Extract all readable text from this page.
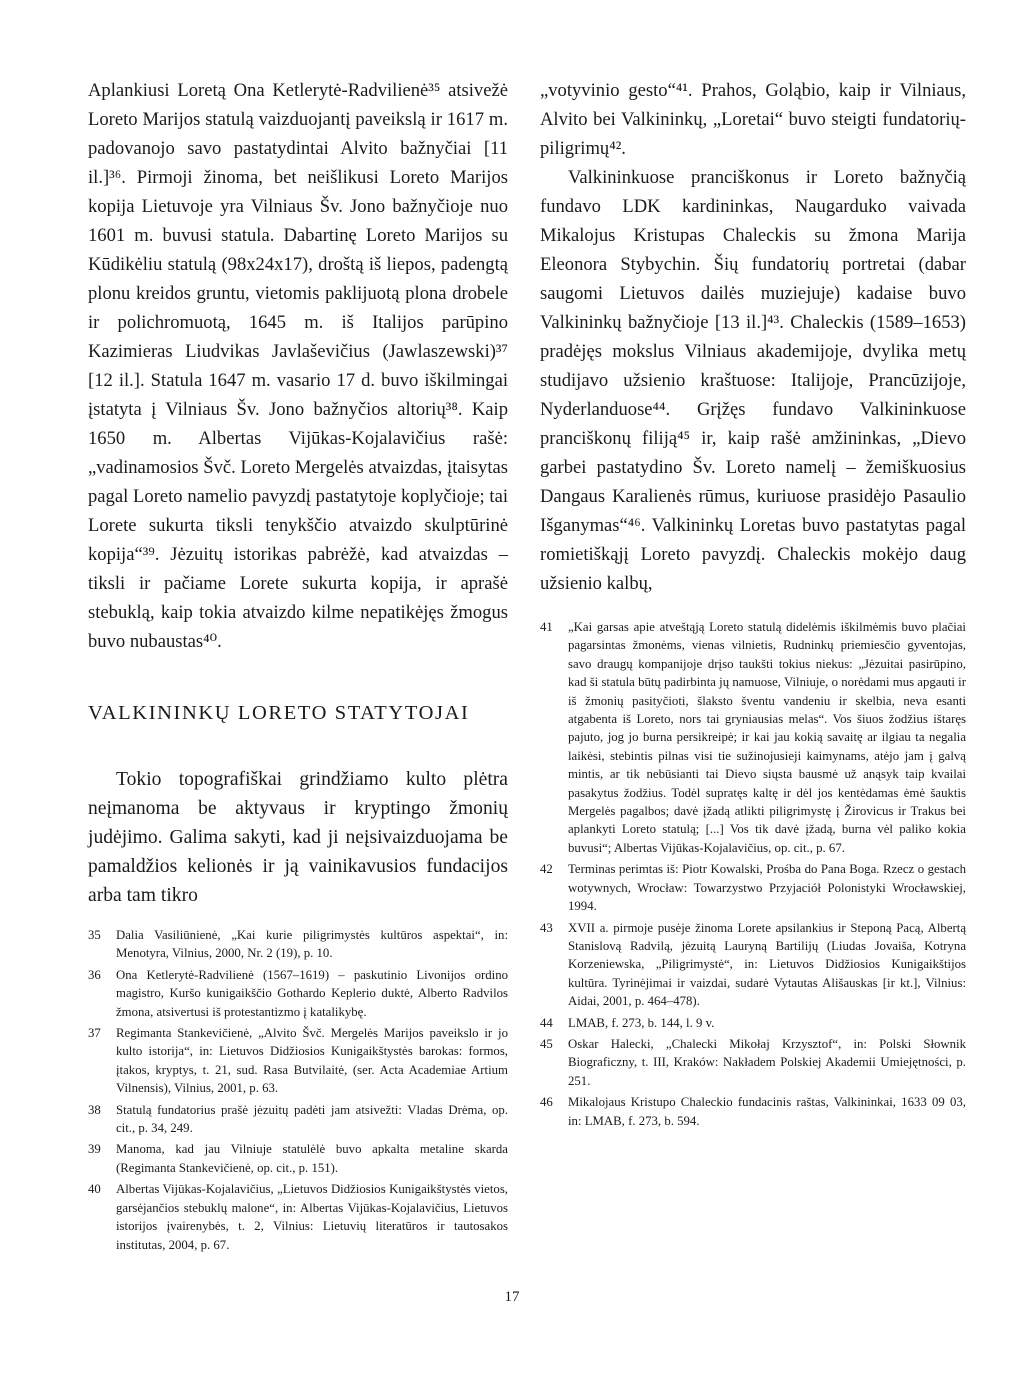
Aplankiusi Loretą Ona Ketlerytė-Radvilienė³⁵ atsivežė Loreto Marijos statulą vaizduojantį paveikslą ir 1617 m. padovanojo savo pastatydintai Alvito bažnyčiai [11 il.]³⁶. Pirmoji žinoma, bet neišlikusi Loreto Marijos kopija Lietuvoje yra Vilniaus Šv. Jono bažnyčioje nuo 1601 m. buvusi statula. Dabartinę Loreto Marijos su Kūdikėliu statulą (98x24x17), droštą iš liepos, padengtą plonu kreidos gruntu, vietomis paklijuotą plona drobele ir polichromuotą, 1645 m. iš Italijos parūpino Kazimieras Liudvikas Javlaševičius (Jawlaszewski)³⁷ [12 il.]. Statula 1647 m. vasario 17 d. buvo iškilmingai įstatyta į Vilniaus Šv. Jono bažnyčios altorių³⁸. Kaip 1650 m. Albertas Vijūkas-Kojalavičius rašė: „vadinamosios Švč. Loreto Mergelės atvaizdas, įtaisytas pagal Loreto namelio pavyzdį pastatytoje koplyčioje; tai Lorete sukurta tiksli tenykščio atvaizdo skulptūrinė kopija“³⁹. Jėzuitų istorikas pabrėžė, kad atvaizdas – tiksli ir pačiame Lorete sukurta kopija, ir aprašė stebuklą, kaip tokia atvaizdo kilme nepatikėjęs žmogus buvo nubaustas⁴⁰.

VALKININKŲ LORETO STATYTOJAI

Tokio topografiškai grindžiamo kulto plėtra neįmanoma be aktyvaus ir kryptingo žmonių judėjimo. Galima sakyti, kad ji neįsivaizduojama be pamaldžios kelionės ir ją vainikavusios fundacijos arba tam tikro

35	Dalia Vasiliūnienė, „Kai kurie piligrimystės kultūros aspektai“, in: Menotyra, Vilnius, 2000, Nr. 2 (19), p. 10.
36	Ona Ketlerytė-Radvilienė (1567–1619) – paskutinio Livonijos ordino magistro, Kuršo kunigaikščio Gothardo Keplerio duktė, Alberto Radvilos žmona, atsivertusi iš protestantizmo į katalikybę.
37	Regimanta Stankevičienė, „Alvito Švč. Mergelės Marijos paveikslo ir jo kulto istorija“, in: Lietuvos Didžiosios Kunigaikštystės barokas: formos, įtakos, kryptys, t. 21, sud. Rasa Butvilaitė, (ser. Acta Academiae Artium Vilnensis), Vilnius, 2001, p. 63.
38	Statulą fundatorius prašė jėzuitų padėti jam atsivežti: Vladas Drėma, op. cit., p. 34, 249.
39	Manoma, kad jau Vilniuje statulėlė buvo apkalta metaline skarda (Regimanta Stankevičienė, op. cit., p. 151).
40	Albertas Vijūkas-Kojalavičius, „Lietuvos Didžiosios Kunigaikštystės vietos, garsėjančios stebuklų malone“, in: Albertas Vijūkas-Kojalavičius, Lietuvos istorijos įvairenybės, t. 2, Vilnius: Lietuvių literatūros ir tautosakos institutas, 2004, p. 67.

„votyvinio gesto“⁴¹. Prahos, Goląbio, kaip ir Vilniaus, Alvito bei Valkininkų, „Loretai“ buvo steigti fundatorių-piligrimų⁴².

Valkininkuose pranciškonus ir Loreto bažnyčią fundavo LDK kardininkas, Naugarduko vaivada Mikalojus Kristupas Chaleckis su žmona Marija Eleonora Stybychin. Šių fundatorių portretai (dabar saugomi Lietuvos dailės muziejuje) kadaise buvo Valkininkų bažnyčioje [13 il.]⁴³. Chaleckis (1589–1653) pradėjęs mokslus Vilniaus akademijoje, dvylika metų studijavo užsienio kraštuose: Italijoje, Prancūzijoje, Nyderlanduose⁴⁴. Grįžęs fundavo Valkininkuose pranciškonų filiją⁴⁵ ir, kaip rašė amžininkas, „Dievo garbei pastatydino Šv. Loreto namelį – žemiškuosius Dangaus Karalienės rūmus, kuriuose prasidėjo Pasaulio Išganymas“⁴⁶. Valkininkų Loretas buvo pastatytas pagal romietiškąjį Loreto pavyzdį. Chaleckis mokėjo daug užsienio kalbų,

41	„Kai garsas apie atveštąją Loreto statulą didelėmis iškilmėmis buvo plačiai pagarsintas žmonėms, vienas vilnietis, Rudninkų priemiesčio gyventojas, savo draugų kompanijoje drįso taukšti tokius niekus: „Jėzuitai pasirūpino, kad ši statula būtų padirbinta jų namuose, Vilniuje, o norėdami mus apgauti ir iš žmonių pasityčioti, šlaksto šventu vandeniu ir skelbia, neva esanti atgabenta iš Loreto, nors tai gryniausias melas“. Vos šiuos žodžius ištaręs pajuto, jog jo burna persikreipė; ir kai jau kokią savaitę ar ilgiau ta negalia laikėsi, stebintis pilnas visi tie sužinojusieji kaimynams, atėjo jam į galvą mintis, ar tik nebūsianti tai Dievo siųsta bausmė už anąsyk taip kvailai pasakytus žodžius. Todėl supratęs kaltę ir dėl jos kentėdamas ėmė šauktis Mergelės pagalbos; davė įžadą atlikti piligrimystę į Žirovicus ir Trakus bei aplankyti Loreto statulą; [...] Vos tik davė įžadą, burna vėl paliko kokia buvusi“; Albertas Vijūkas-Kojalavičius, op. cit., p. 67.
42	Terminas perimtas iš: Piotr Kowalski, Prośba do Pana Boga. Rzecz o gestach wotywnych, Wrocław: Towarzystwo Przyjaciół Polonistyki Wrocławskiej, 1994.
43	XVII a. pirmoje pusėje žinoma Lorete apsilankius ir Steponą Pacą, Albertą Stanislovą Radvilą, jėzuitą Lauryną Bartilijų (Liudas Jovaiša, Kotryna Korzeniewska, „Piligrimystė“, in: Lietuvos Didžiosios Kunigaikštijos kultūra. Tyrinėjimai ir vaizdai, sudarė Vytautas Ališauskas [ir kt.], Vilnius: Aidai, 2001, p. 464–478).
44	LMAB, f. 273, b. 144, l. 9 v.
45	Oskar Halecki, „Chalecki Mikołaj Krzysztof“, in: Polski Słownik Biograficzny, t. III, Kraków: Nakładem Polskiej Akademii Umiejętności, p. 251.
46	Mikalojaus Kristupo Chaleckio fundacinis raštas, Valkininkai, 1633 09 03, in: LMAB, f. 273, b. 594.
17
